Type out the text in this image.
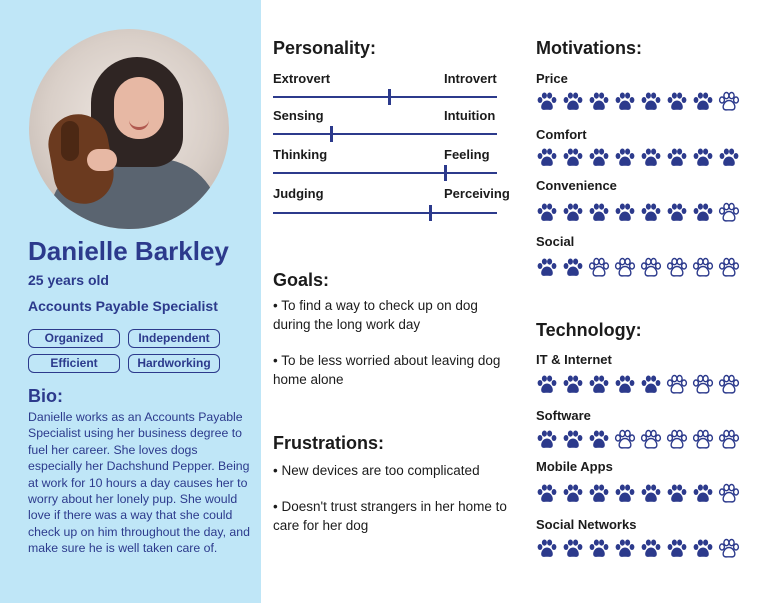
Danielle Barkley
25 years old
Accounts Payable Specialist
Organized	Independent
Efficient	Hardworking
Bio:
Danielle works as an Accounts Payable Specialist using her business degree to fuel her career. She loves dogs especially her Dachshund Pepper. Being at work for 10 hours a day causes her to worry about her lonely pup. She would love if there was a way that she could check up on him throughout the day, and make sure he is well taken care of.
Personality:
Extrovert	Introvert
Sensing	Intuition
Thinking	Feeling
Judging	Perceiving
Goals:
• To find a way to check up on dog during the long work day
• To be less worried about leaving dog home alone
Frustrations:
• New devices are too complicated
• Doesn't trust strangers in her home to care for her dog
Motivations:
Price
Comfort
Convenience
Social
Technology:
IT & Internet
Software
Mobile Apps
Social Networks
